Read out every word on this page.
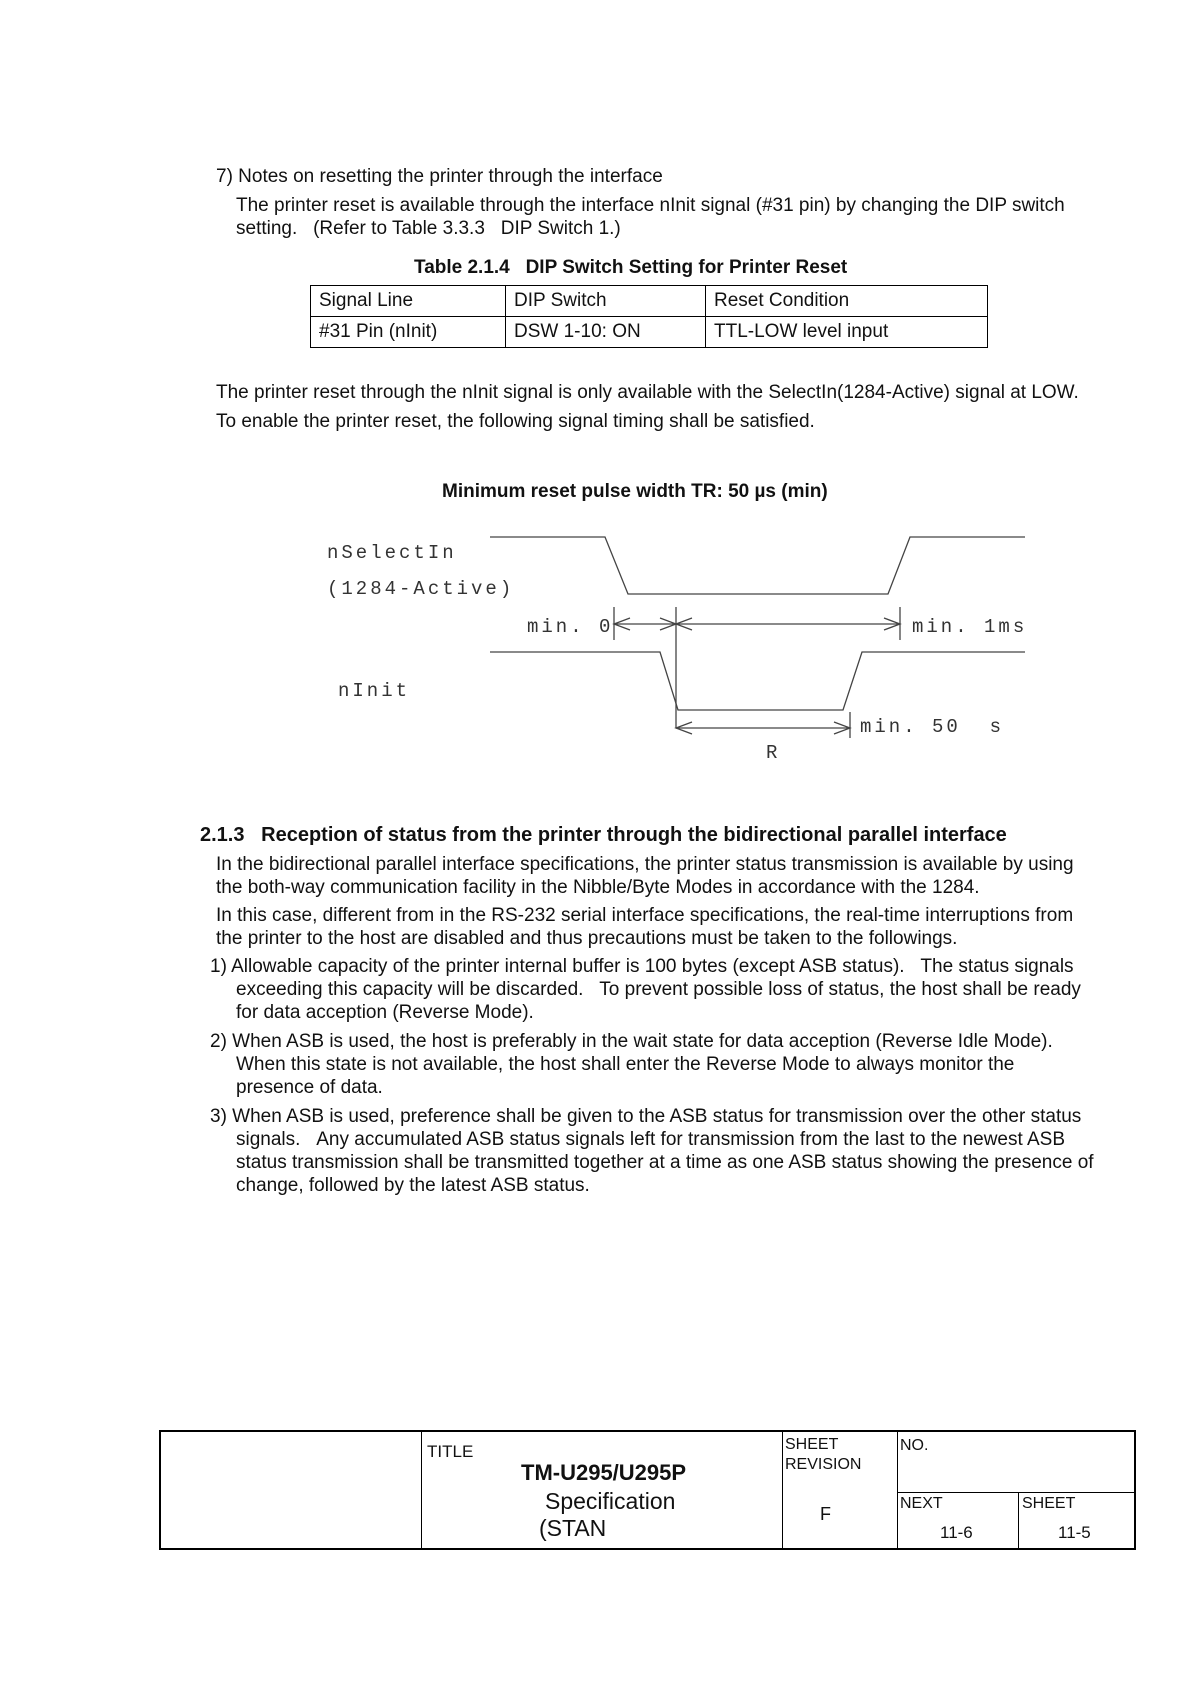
7) Notes on resetting the printer through the interface
The printer reset is available through the interface nInit signal (#31 pin) by changing the DIP switch
setting.   (Refer to Table 3.3.3   DIP Switch 1.)
Table 2.1.4   DIP Switch Setting for Printer Reset
Signal Line	DIP Switch	Reset Condition
#31 Pin (nInit)	DSW 1-10: ON	TTL-LOW level input
The printer reset through the nInit signal is only available with the SelectIn(1284-Active) signal at LOW.
To enable the printer reset, the following signal timing shall be satisfied.
Minimum reset pulse width TR: 50 µs (min)
nSelectIn
(1284-Active)
min. 0	min. 1ms
nInit
min. 50  s
R
2.1.3   Reception of status from the printer through the bidirectional parallel interface
In the bidirectional parallel interface specifications, the printer status transmission is available by using
the both-way communication facility in the Nibble/Byte Modes in accordance with the 1284.
In this case, different from in the RS-232 serial interface specifications, the real-time interruptions from
the printer to the host are disabled and thus precautions must be taken to the followings.
1) Allowable capacity of the printer internal buffer is 100 bytes (except ASB status).   The status signals
exceeding this capacity will be discarded.   To prevent possible loss of status, the host shall be ready
for data acception (Reverse Mode).
2) When ASB is used, the host is preferably in the wait state for data acception (Reverse Idle Mode).
When this state is not available, the host shall enter the Reverse Mode to always monitor the
presence of data.
3) When ASB is used, preference shall be given to the ASB status for transmission over the other status
signals.   Any accumulated ASB status signals left for transmission from the last to the newest ASB
status transmission shall be transmitted together at a time as one ASB status showing the presence of
change, followed by the latest ASB status.
TITLE
TM-U295/U295P
Specification
(STAN
SHEET
REVISION
F
NO.
NEXT	SHEET
11-6	11-5
